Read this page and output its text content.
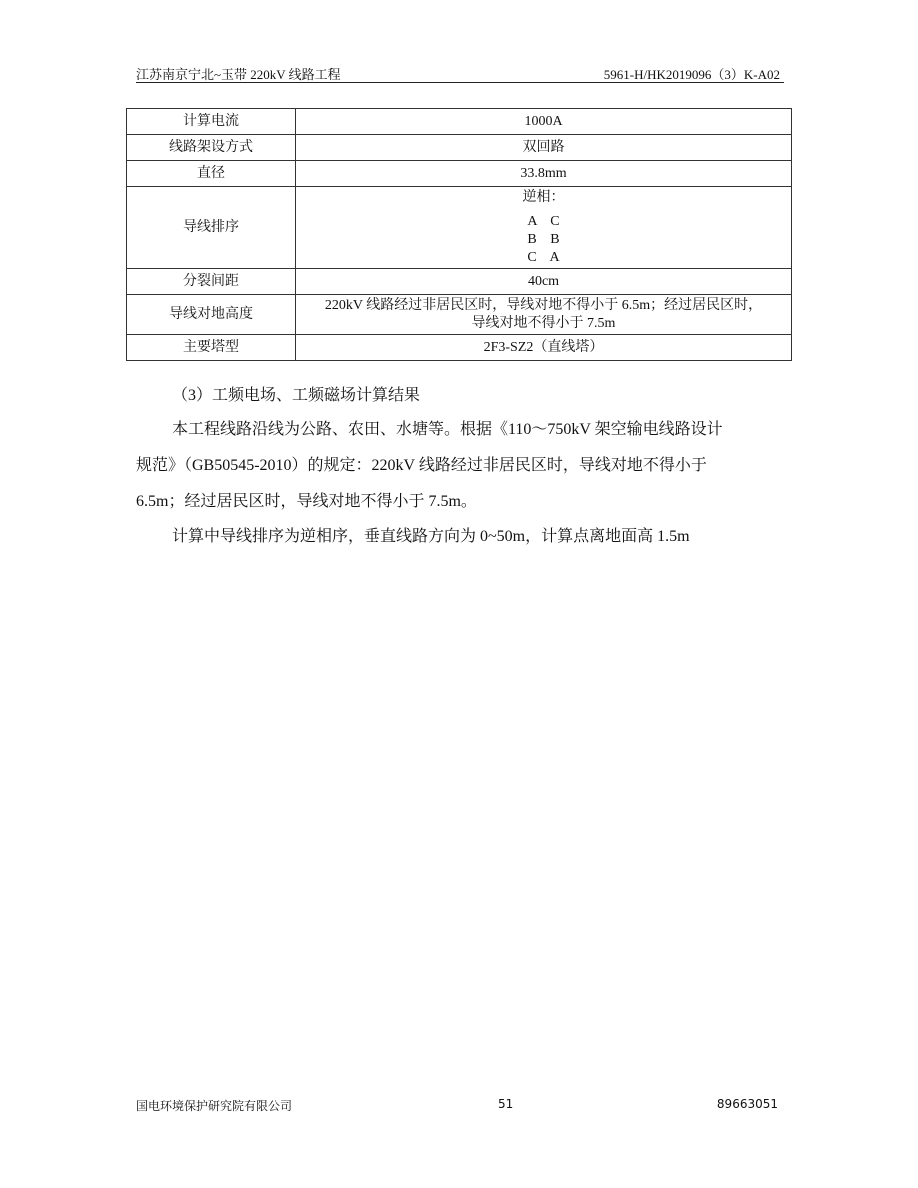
江苏南京宁北~玉带 220kV 线路工程	5961-H/HK2019096（3）K-A02
计算电流	1000A
线路架设方式	双回路
直径	33.8mm
导线排序	逆相：
A C
B B
C A

分裂间距	40cm
导线对地高度	220kV 线路经过非居民区时，导线对地不得小于 6.5m；经过居民区时，
导线对地不得小于 7.5m

主要塔型	2F3-SZ2（直线塔）
（3）工频电场、工频磁场计算结果
本工程线路沿线为公路、农田、水塘等。根据《110～750kV 架空输电线路设计
规范》（GB50545-2010）的规定：220kV 线路经过非居民区时，导线对地不得小于
6.5m；经过居民区时，导线对地不得小于 7.5m。
计算中导线排序为逆相序，垂直线路方向为 0~50m，计算点离地面高 1.5m
国电环境保护研究院有限公司	51	89663051
